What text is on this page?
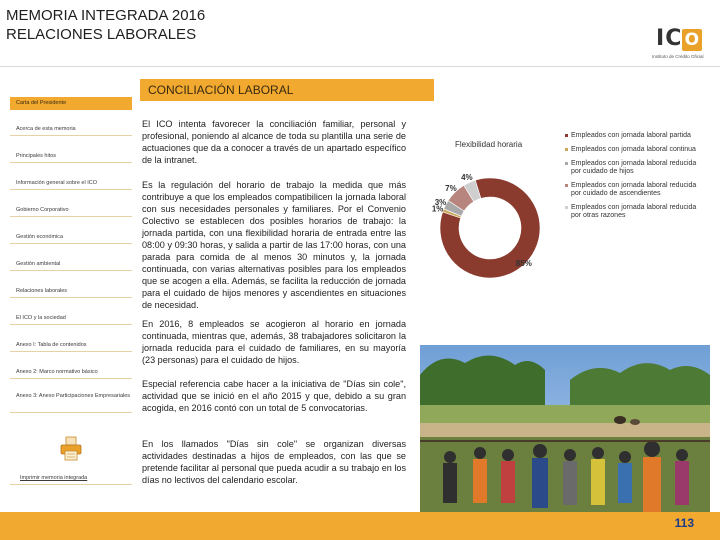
MEMORIA INTEGRADA 2016
RELACIONES LABORALES	IC O
Instituto de Crédito Oficial
CONCILIACIÓN LABORAL
Carta del Presidente
Acerca de esta memoria
Principales hitos
Información general sobre el ICO
Gobierno Corporativo
Gestión económica
Gestión ambiental
Relaciones laborales
El ICO y la sociedad
Anexo I: Tabla de contenidos
Anexo 2: Marco normativo básico
Anexo 3: Anexo Participaciones Empresariales
Imprimir memoria integrada
El ICO intenta favorecer la conciliación familiar, personal y profesional, poniendo al alcance de toda su plantilla una serie de actuaciones que da a conocer a través de un apartado específico de la intranet.
Es la regulación del horario de trabajo la medida que más contribuye a que los empleados compatibilicen la jornada laboral con sus necesidades personales y familiares. Por el Convenio Colectivo se establecen dos posibles horarios de trabajo: la jornada partida, con una flexibilidad horaria de entrada entre las 08:00 y 09:30 horas, y salida a partir de las 17:00 horas, con una parada para comida de al menos 30 minutos y, la jornada continuada, con varias alternativas posibles para los empleados que se acogen a ella. Además, se facilita la reducción de jornada para el cuidado de hijos menores y ascendientes en situaciones de necesidad.
En 2016, 8 empleados se acogieron al horario en jornada continuada, mientras que, además, 38 trabajadores solicitaron la jornada reducida para el cuidado de familiares, en su mayoría (23 personas) para el cuidado de hijos.
Especial referencia cabe hacer a la iniciativa de "Días sin cole", actividad que se inició en el año 2015 y que, debido a su gran acogida, en 2016 contó con un total de 5 convocatorias.
En los llamados "Días sin cole" se organizan diversas actividades destinadas a hijos de empleados, con las que se pretende facilitar al personal que pueda acudir a su trabajo en los días no lectivos del calendario escolar.
Flexibilidad horaria
85%
1%
3%
7%
4%
Empleados con jornada laboral partida
Empleados con jornada laboral continua
Empleados con jornada laboral reducida por cuidado de hijos
Empleados con jornada laboral reducida por cuidado de ascendientes
Empleados con jornada laboral reducida por otras razones
113
